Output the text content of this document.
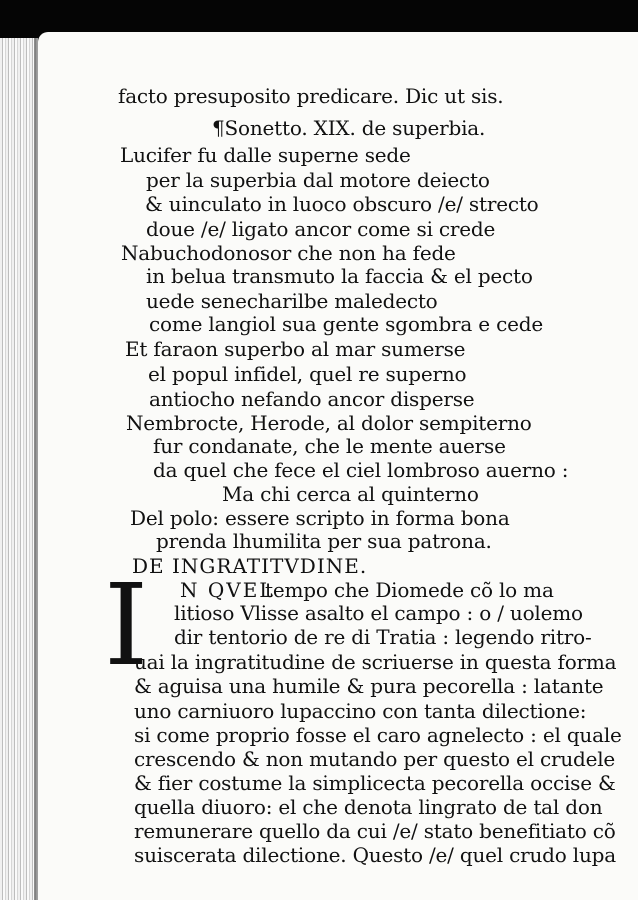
facto presuposito predicare. Dic ut sis.
¶Sonetto. XIX. de superbia.
Lucifer fu dalle superne sede
per la superbia dal motore deiecto
& uinculato in luoco obscuro /e/ strecto
doue /e/ ligato ancor come si crede
Nabuchodonosor che non ha fede
in belua transmuto la faccia & el pecto
uede senecharilbe maledecto
come langiol sua gente sgombra e cede
Et faraon superbo al mar sumerse
el popul infidel, quel re superno
antiocho nefando ancor disperse
Nembrocte, Herode, al dolor sempiterno
fur condanate, che le mente auerse
da quel che fece el ciel lombroso auerno :
Ma chi cerca al quinterno
Del polo: essere scripto in forma bona
prenda lhumilita per sua patrona.
DE INGRATITVDINE.
I N QVEL
tempo che Diomede cõ lo ma
litioso Vlisse asalto el campo : o / uolemo
dir tentorio de re di Tratia : legendo ritro-
uai la ingratitudine de scriuerse in questa forma
& aguisa una humile & pura pecorella : latante
uno carniuoro lupaccino con tanta dilectione:
si come proprio fosse el caro agnelecto : el quale
crescendo & non mutando per questo el crudele
& fier costume la simplicecta pecorella occise &
quella diuoro: el che denota lingrato de tal don
remunerare quello da cui /e/ stato benefitiato cõ
suiscerata dilectione. Questo /e/ quel crudo lupa
